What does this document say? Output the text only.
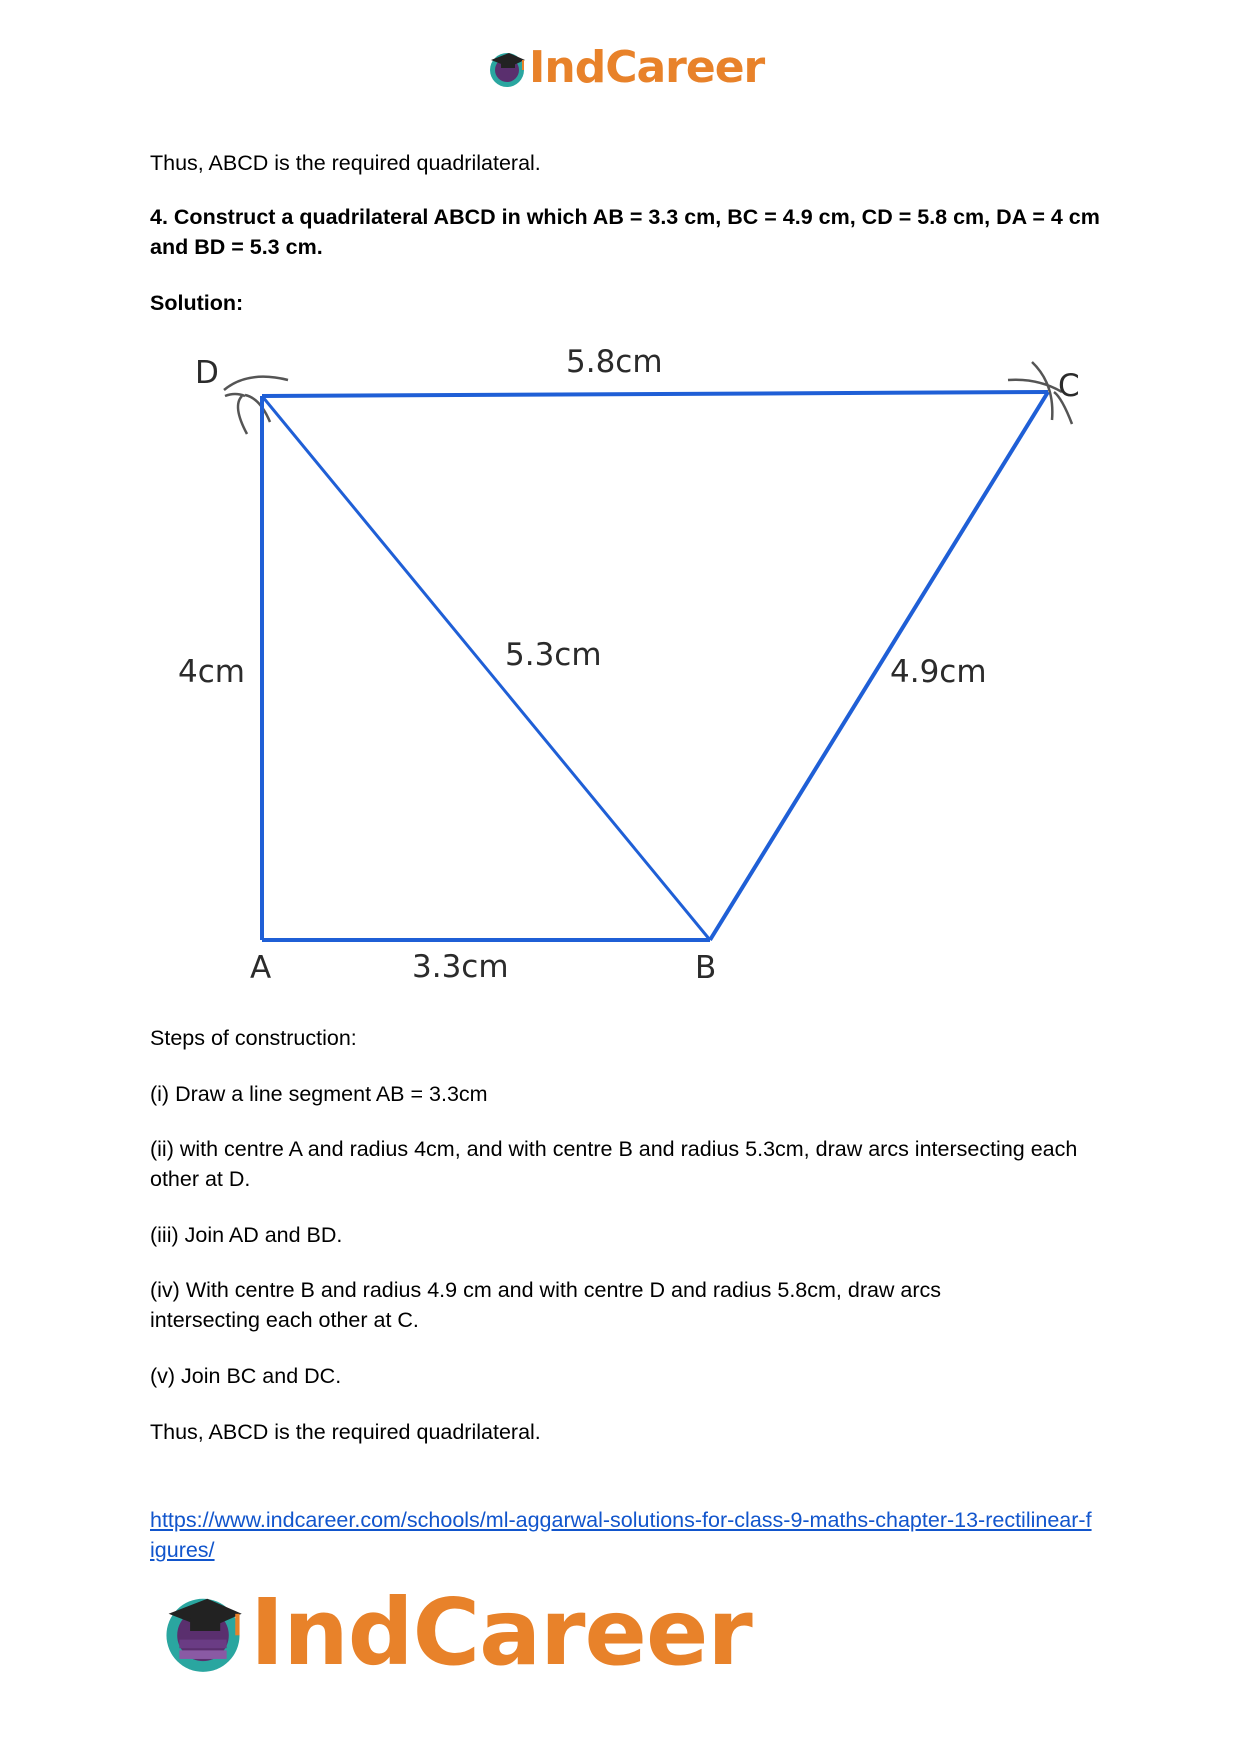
IndCareer

Thus, ABCD is the required quadrilateral.

4. Construct a quadrilateral ABCD in which AB = 3.3 cm, BC = 4.9 cm, CD = 5.8 cm, DA = 4 cm and BD = 5.3 cm.

Solution:

D	C
A	B
5.8cm
4cm	5.3cm	4.9cm
3.3cm

Steps of construction:

(i) Draw a line segment AB = 3.3cm

(ii) with centre A and radius 4cm, and with centre B and radius 5.3cm, draw arcs intersecting each other at D.

(iii) Join AD and BD.

(iv) With centre B and radius 4.9 cm and with centre D and radius 5.8cm, draw arcs intersecting each other at C.

(v) Join BC and DC.

Thus, ABCD is the required quadrilateral.

https://www.indcareer.com/schools/ml-aggarwal-solutions-for-class-9-maths-chapter-13-rectilinear-figures/

IndCareer
